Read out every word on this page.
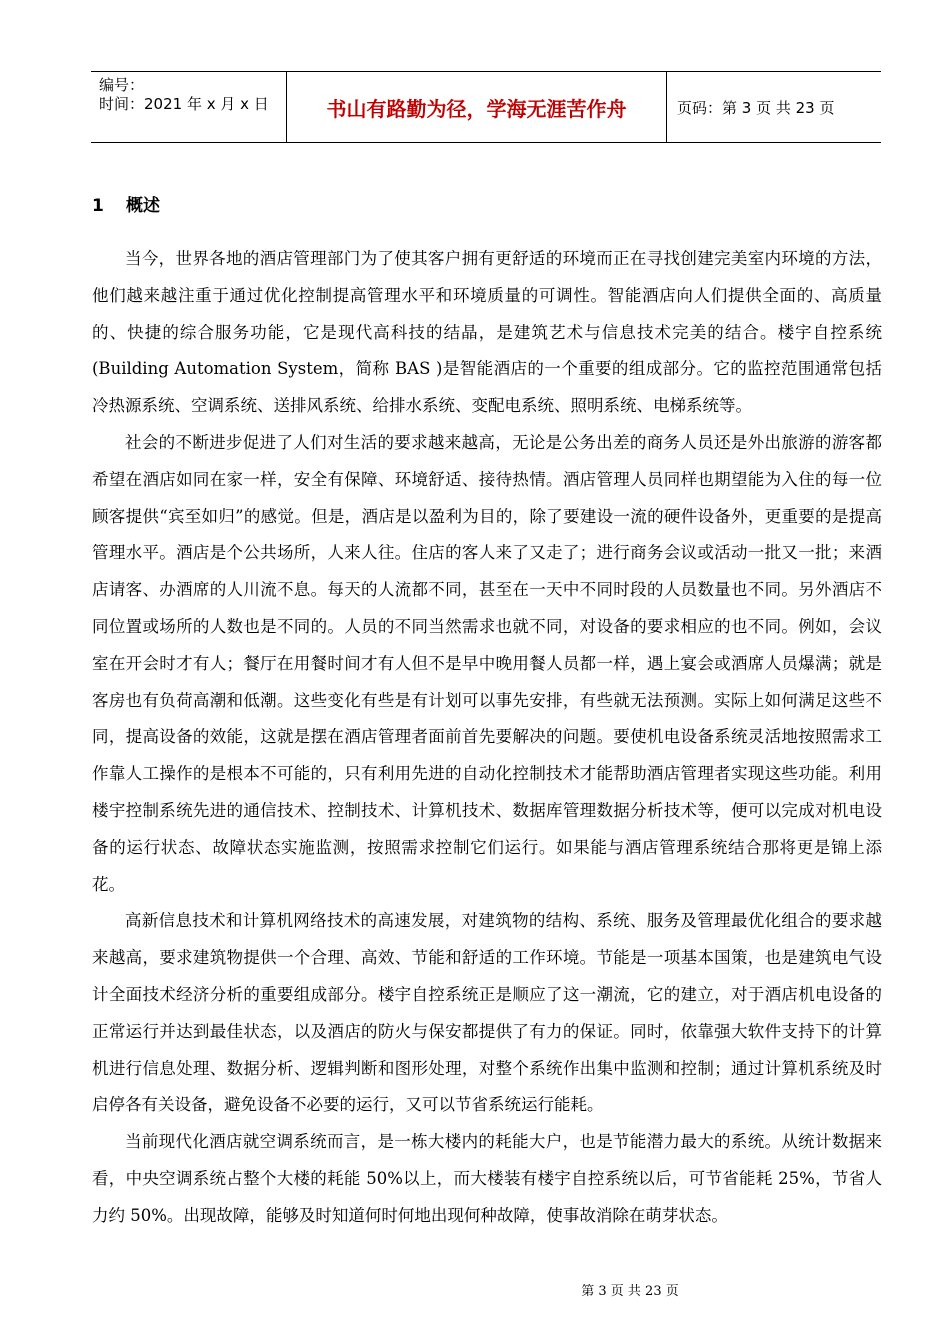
编号：
时间：2021 年 x 月 x 日	书山有路勤为径，学海无涯苦作舟	页码：第 3 页 共 23 页
1 概述

当今，世界各地的酒店管理部门为了使其客户拥有更舒适的环境而正在寻找创建完美室内环境的方法，他们越来越注重于通过优化控制提高管理水平和环境质量的可调性。智能酒店向人们提供全面的、高质量的、快捷的综合服务功能，它是现代高科技的结晶，是建筑艺术与信息技术完美的结合。楼宇自控系统(Building Automation System，简称 BAS )是智能酒店的一个重要的组成部分。它的监控范围通常包括冷热源系统、空调系统、送排风系统、给排水系统、变配电系统、照明系统、电梯系统等。

社会的不断进步促进了人们对生活的要求越来越高，无论是公务出差的商务人员还是外出旅游的游客都希望在酒店如同在家一样，安全有保障、环境舒适、接待热情。酒店管理人员同样也期望能为入住的每一位顾客提供“宾至如归”的感觉。但是，酒店是以盈利为目的，除了要建设一流的硬件设备外，更重要的是提高管理水平。酒店是个公共场所，人来人往。住店的客人来了又走了；进行商务会议或活动一批又一批；来酒店请客、办酒席的人川流不息。每天的人流都不同，甚至在一天中不同时段的人员数量也不同。另外酒店不同位置或场所的人数也是不同的。人员的不同当然需求也就不同，对设备的要求相应的也不同。例如，会议室在开会时才有人；餐厅在用餐时间才有人但不是早中晚用餐人员都一样，遇上宴会或酒席人员爆满；就是客房也有负荷高潮和低潮。这些变化有些是有计划可以事先安排，有些就无法预测。实际上如何满足这些不同，提高设备的效能，这就是摆在酒店管理者面前首先要解决的问题。要使机电设备系统灵活地按照需求工作靠人工操作的是根本不可能的，只有利用先进的自动化控制技术才能帮助酒店管理者实现这些功能。利用楼宇控制系统先进的通信技术、控制技术、计算机技术、数据库管理数据分析技术等，便可以完成对机电设备的运行状态、故障状态实施监测，按照需求控制它们运行。如果能与酒店管理系统结合那将更是锦上添花。

高新信息技术和计算机网络技术的高速发展，对建筑物的结构、系统、服务及管理最优化组合的要求越来越高，要求建筑物提供一个合理、高效、节能和舒适的工作环境。节能是一项基本国策，也是建筑电气设计全面技术经济分析的重要组成部分。楼宇自控系统正是顺应了这一潮流，它的建立，对于酒店机电设备的正常运行并达到最佳状态，以及酒店的防火与保安都提供了有力的保证。同时，依靠强大软件支持下的计算机进行信息处理、数据分析、逻辑判断和图形处理，对整个系统作出集中监测和控制；通过计算机系统及时启停各有关设备，避免设备不必要的运行，又可以节省系统运行能耗。

当前现代化酒店就空调系统而言，是一栋大楼内的耗能大户，也是节能潜力最大的系统。从统计数据来看，中央空调系统占整个大楼的耗能 50%以上，而大楼装有楼宇自控系统以后，可节省能耗 25%，节省人力约 50%。出现故障，能够及时知道何时何地出现何种故障，使事故消除在萌芽状态。

第 3 页 共 23 页
